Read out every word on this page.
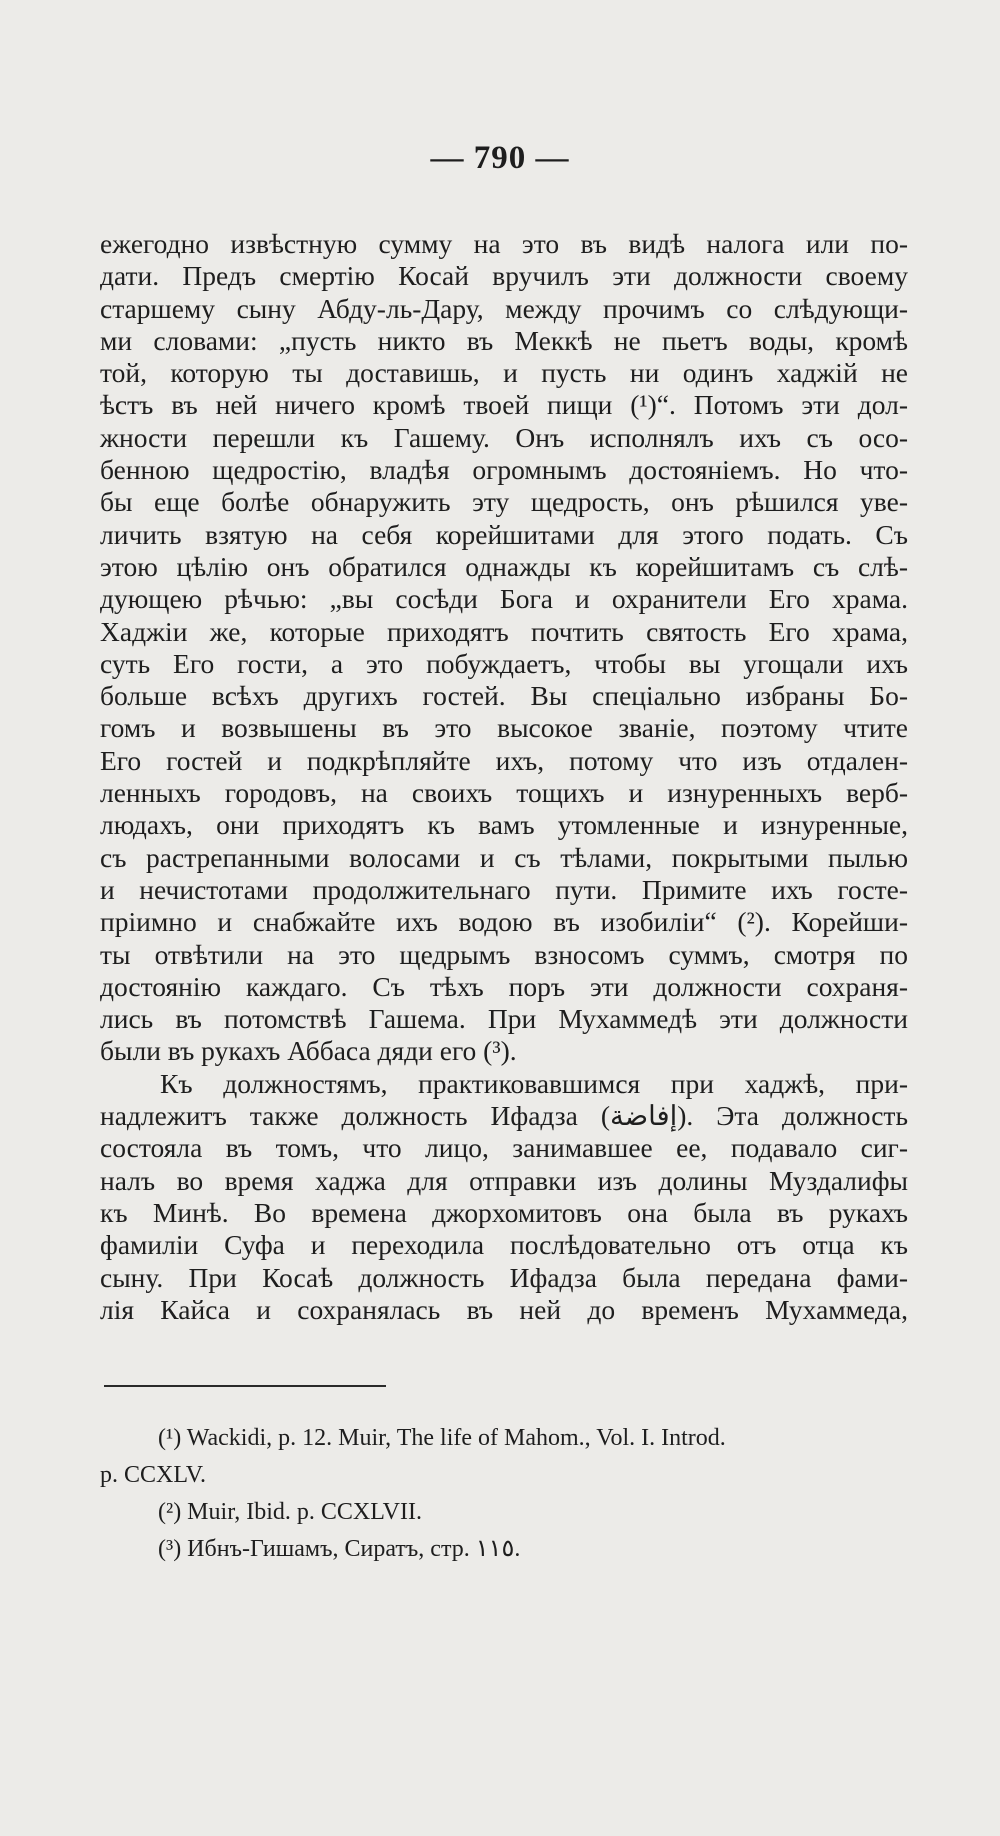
— 790 —
ежегодно извѣстную сумму на это въ видѣ налога или по-
дати. Предъ смертію Косай вручилъ эти должности своему
старшему сыну Абду-ль-Дару, между прочимъ со слѣдующи-
ми словами: „пусть никто въ Меккѣ не пьетъ воды, кромѣ
той, которую ты доставишь, и пусть ни одинъ хаджій не
ѣстъ въ ней ничего кромѣ твоей пищи (¹)“. Потомъ эти дол-
жности перешли къ Гашему. Онъ исполнялъ ихъ съ осо-
бенною щедростію, владѣя огромнымъ достояніемъ. Но что-
бы еще болѣе обнаружить эту щедрость, онъ рѣшился уве-
личить взятую на себя корейшитами для этого подать. Съ
этою цѣлію онъ обратился однажды къ корейшитамъ съ слѣ-
дующею рѣчью: „вы сосѣди Бога и охранители Его храма.
Хаджіи же, которые приходятъ почтить святость Его храма,
суть Его гости, а это побуждаетъ, чтобы вы угощали ихъ
больше всѣхъ другихъ гостей. Вы спеціально избраны Бо-
гомъ и возвышены въ это высокое званіе, поэтому чтите
Его гостей и подкрѣпляйте ихъ, потому что изъ отдален-
ленныхъ городовъ, на своихъ тощихъ и изнуренныхъ верб-
людахъ, они приходятъ къ вамъ утомленные и изнуренные,
съ растрепанными волосами и съ тѣлами, покрытыми пылью
и нечистотами продолжительнаго пути. Примите ихъ госте-
пріимно и снабжайте ихъ водою въ изобиліи“ (²). Корейши-
ты отвѣтили на это щедрымъ взносомъ суммъ, смотря по
достоянію каждаго. Съ тѣхъ поръ эти должности сохраня-
лись въ потомствѣ Гашема. При Мухаммедѣ эти должности
были въ рукахъ Аббаса дяди его (³).
Къ должностямъ, практиковавшимся при хаджѣ, при-
надлежитъ также должность Ифадза (إفاضة). Эта должность
состояла въ томъ, что лицо, занимавшее ее, подавало сиг-
налъ во время хаджа для отправки изъ долины Муздалифы
къ Минѣ. Во времена джорхомитовъ она была въ рукахъ
фамиліи Суфа и переходила послѣдовательно отъ отца къ
сыну. При Косаѣ должность Ифадза была передана фами-
лія Кайса и сохранялась въ ней до временъ Мухаммеда,
(¹) Wackidi, p. 12. Muir, The life of Mahom., Vol. I. Introd.
p. CCXLV.
(²) Muir, Ibid. p. CCXLVII.
(³) Ибнъ-Гишамъ, Сиратъ, стр. ١١٥.
